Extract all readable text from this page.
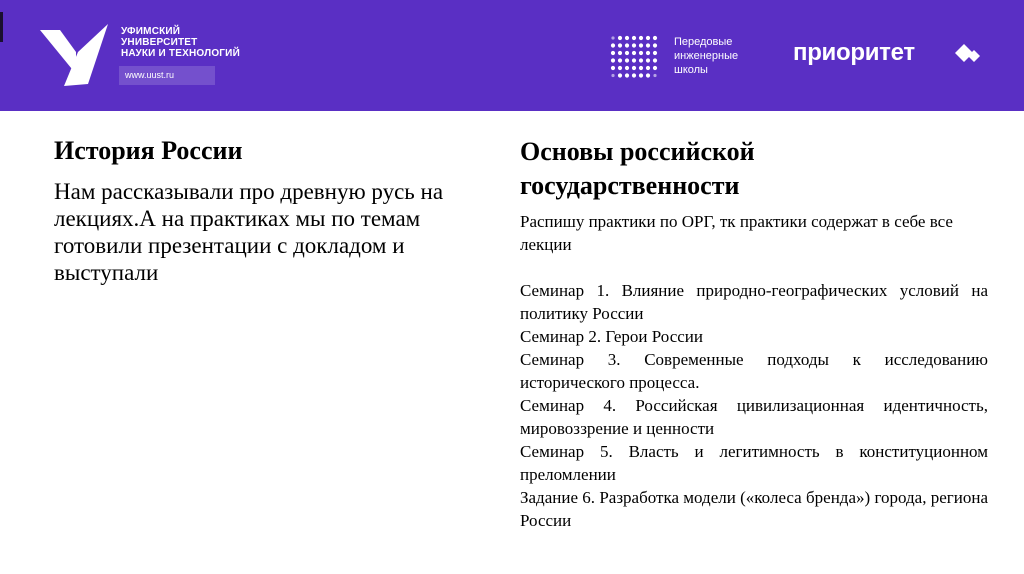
УФИМСКИЙ
УНИВЕРСИТЕТ
НАУКИ И ТЕХНОЛОГИЙ
www.uust.ru
Передовые
инженерные
школы
приоритет
История России
Нам рассказывали про древную русь на лекциях.А на практиках мы по темам готовили презентации с докладом и выступали
Основы российской
государственности

Распишу практики по ОРГ, тк практики содержат в себе все лекции

Семинар 1. Влияние природно-географических условий на политику России

Семинар 2. Герои России

Семинар 3. Современные подходы к исследованию исторического процесса.

Семинар 4. Российская цивилизационная идентичность, мировоззрение и ценности

Семинар 5. Власть и легитимность в конституционном преломлении

Задание 6. Разработка модели («колеса бренда») города, региона России
